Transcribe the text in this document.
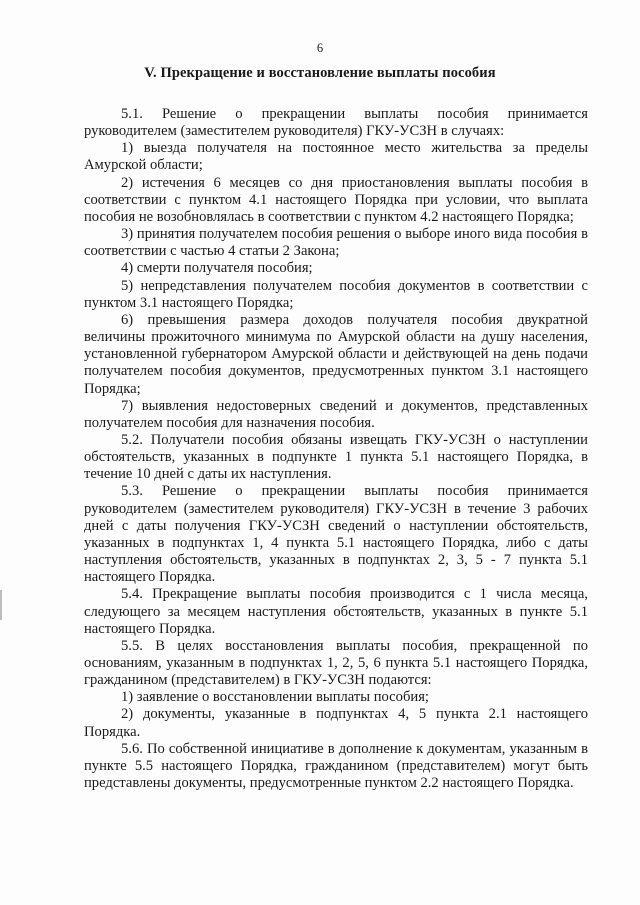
6
V. Прекращение и восстановление выплаты пособия

5.1. Решение о прекращении выплаты пособия принимается руководителем (заместителем руководителя) ГКУ-УСЗН в случаях:

1) выезда получателя на постоянное место жительства за пределы Амурской области;

2) истечения 6 месяцев со дня приостановления выплаты пособия в соответствии с пунктом 4.1 настоящего Порядка при условии, что выплата пособия не возобновлялась в соответствии с пунктом 4.2 настоящего Порядка;

3) принятия получателем пособия решения о выборе иного вида пособия в соответствии с частью 4 статьи 2 Закона;

4) смерти получателя пособия;

5) непредставления получателем пособия документов в соответствии с пунктом 3.1 настоящего Порядка;

6) превышения размера доходов получателя пособия двукратной величины прожиточного минимума по Амурской области на душу населения, установленной губернатором Амурской области и действующей на день подачи получателем пособия документов, предусмотренных пунктом 3.1 настоящего Порядка;

7) выявления недостоверных сведений и документов, представленных получателем пособия для назначения пособия.

5.2. Получатели пособия обязаны извещать ГКУ-УСЗН о наступлении обстоятельств, указанных в подпункте 1 пункта 5.1 настоящего Порядка, в течение 10 дней с даты их наступления.

5.3. Решение о прекращении выплаты пособия принимается руководителем (заместителем руководителя) ГКУ-УСЗН в течение 3 рабочих дней с даты получения ГКУ-УСЗН сведений о наступлении обстоятельств, указанных в подпунктах 1, 4 пункта 5.1 настоящего Порядка, либо с даты наступления обстоятельств, указанных в подпунктах 2, 3, 5 - 7 пункта 5.1 настоящего Порядка.

5.4. Прекращение выплаты пособия производится с 1 числа месяца, следующего за месяцем наступления обстоятельств, указанных в пункте 5.1 настоящего Порядка.

5.5. В целях восстановления выплаты пособия, прекращенной по основаниям, указанным в подпунктах 1, 2, 5, 6 пункта 5.1 настоящего Порядка, гражданином (представителем) в ГКУ-УСЗН подаются:

1) заявление о восстановлении выплаты пособия;

2) документы, указанные в подпунктах 4, 5 пункта 2.1 настоящего Порядка.

5.6. По собственной инициативе в дополнение к документам, указанным в пункте 5.5 настоящего Порядка, гражданином (представителем) могут быть представлены документы, предусмотренные пунктом 2.2 настоящего Порядка.
